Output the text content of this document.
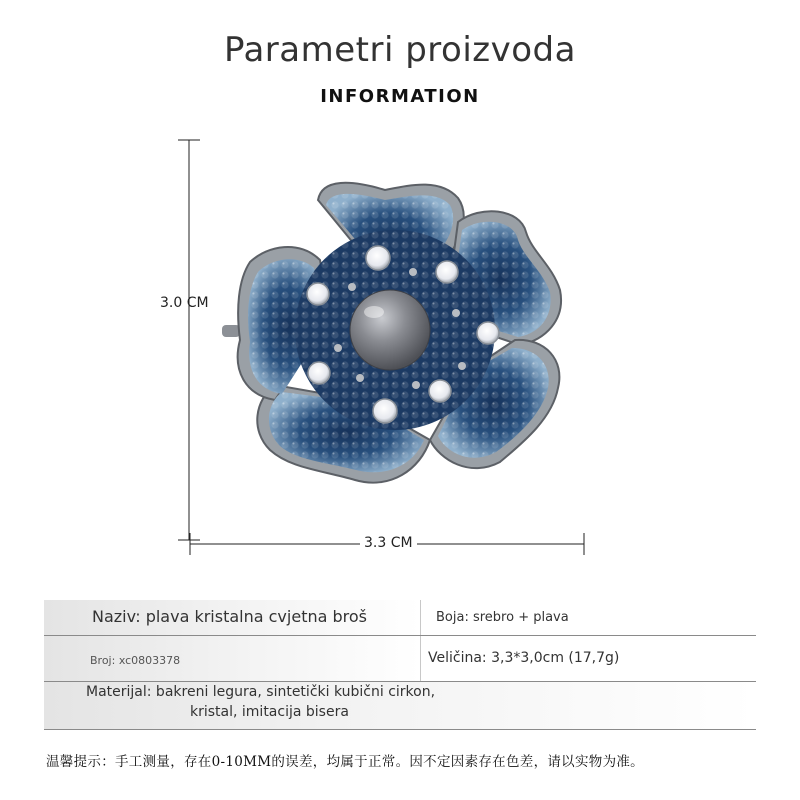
Parametri proizvoda
INFORMATION
3.0 CM
3.3 CM
Naziv: plava kristalna cvjetna broš	Boja: srebro + plava
Broj: xc0803378	Veličina: 3,3*3,0cm (17,7g)
Materijal: bakreni legura, sintetički kubični cirkon,
kristal, imitacija bisera
温馨提示：手工测量，存在0-10MM的误差，均属于正常。因不定因素存在色差，请以实物为准。
